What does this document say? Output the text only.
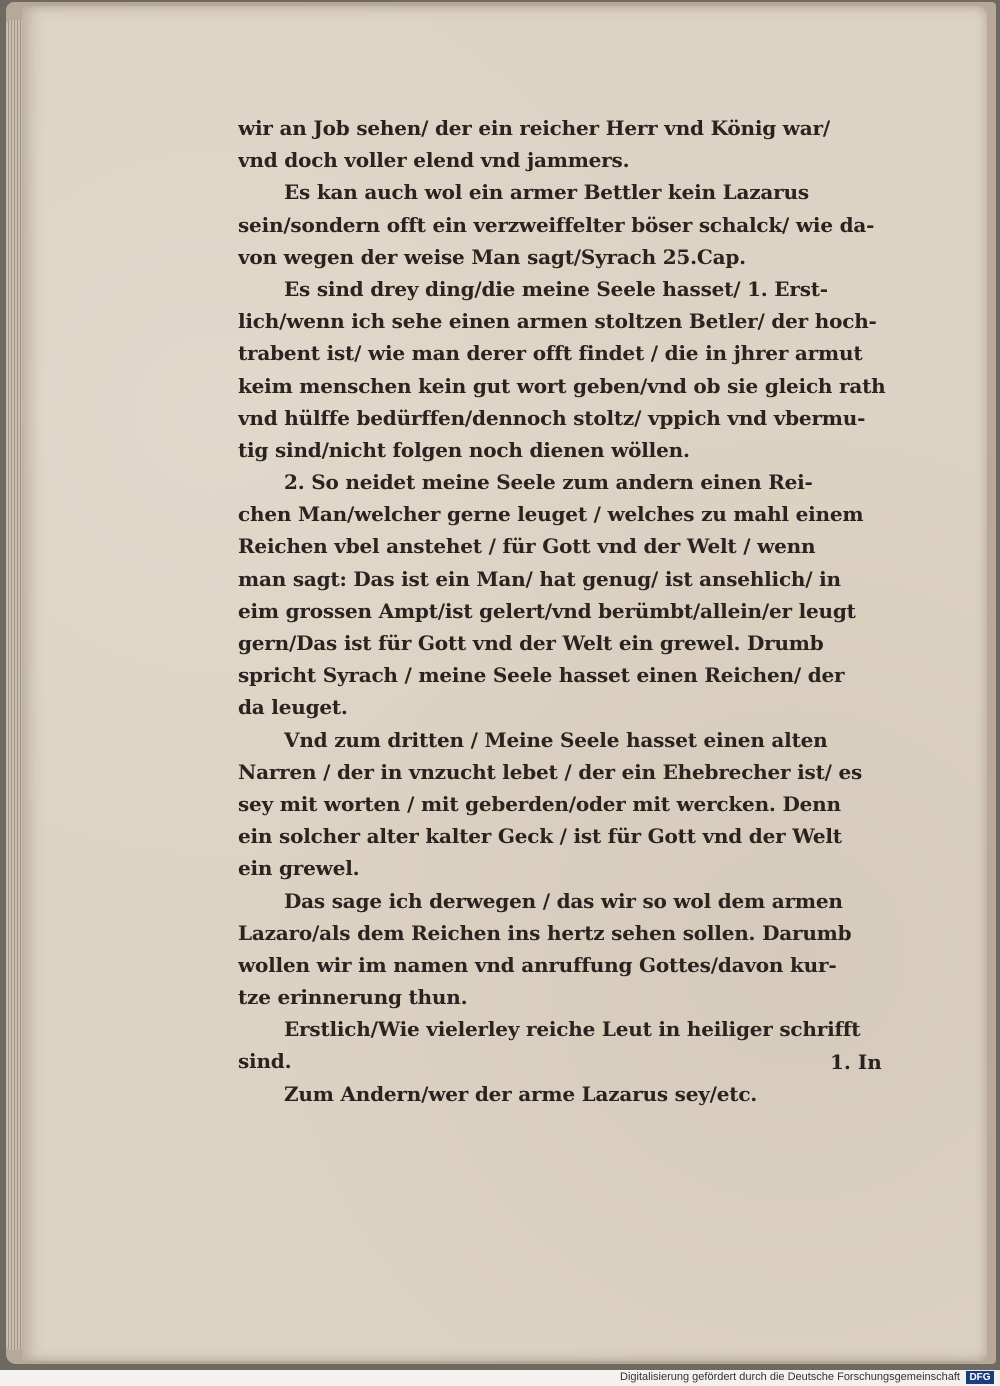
wir an Job sehen/ der ein reicher Herr vnd König war/
vnd doch voller elend vnd jammers.
Es kan auch wol ein armer Bettler kein Lazarus
sein/sondern offt ein verzweiffelter böser schalck/ wie da-
von wegen der weise Man sagt/Syrach 25.Cap.
Es sind drey ding/die meine Seele hasset/ 1. Erst-
lich/wenn ich sehe einen armen stoltzen Betler/ der hoch-
trabent ist/ wie man derer offt findet / die in jhrer armut
keim menschen kein gut wort geben/vnd ob sie gleich rath
vnd hülffe bedürffen/dennoch stoltz/ vppich vnd vbermu-
tig sind/nicht folgen noch dienen wöllen.
2. So neidet meine Seele zum andern einen Rei-
chen Man/welcher gerne leuget / welches zu mahl einem
Reichen vbel anstehet / für Gott vnd der Welt / wenn
man sagt: Das ist ein Man/ hat genug/ ist ansehlich/ in
eim grossen Ampt/ist gelert/vnd berümbt/allein/er leugt
gern/Das ist für Gott vnd der Welt ein grewel. Drumb
spricht Syrach / meine Seele hasset einen Reichen/ der
da leuget.
Vnd zum dritten / Meine Seele hasset einen alten
Narren / der in vnzucht lebet / der ein Ehebrecher ist/ es
sey mit worten / mit geberden/oder mit wercken. Denn
ein solcher alter kalter Geck / ist für Gott vnd der Welt
ein grewel.
Das sage ich derwegen / das wir so wol dem armen
Lazaro/als dem Reichen ins hertz sehen sollen. Darumb
wollen wir im namen vnd anruffung Gottes/davon kur-
tze erinnerung thun.
Erstlich/Wie vielerley reiche Leut in heiliger schrifft
sind.
Zum Andern/wer der arme Lazarus sey/etc.
1. In
Digitalisierung gefördert durch die Deutsche Forschungsgemeinschaft DFG
